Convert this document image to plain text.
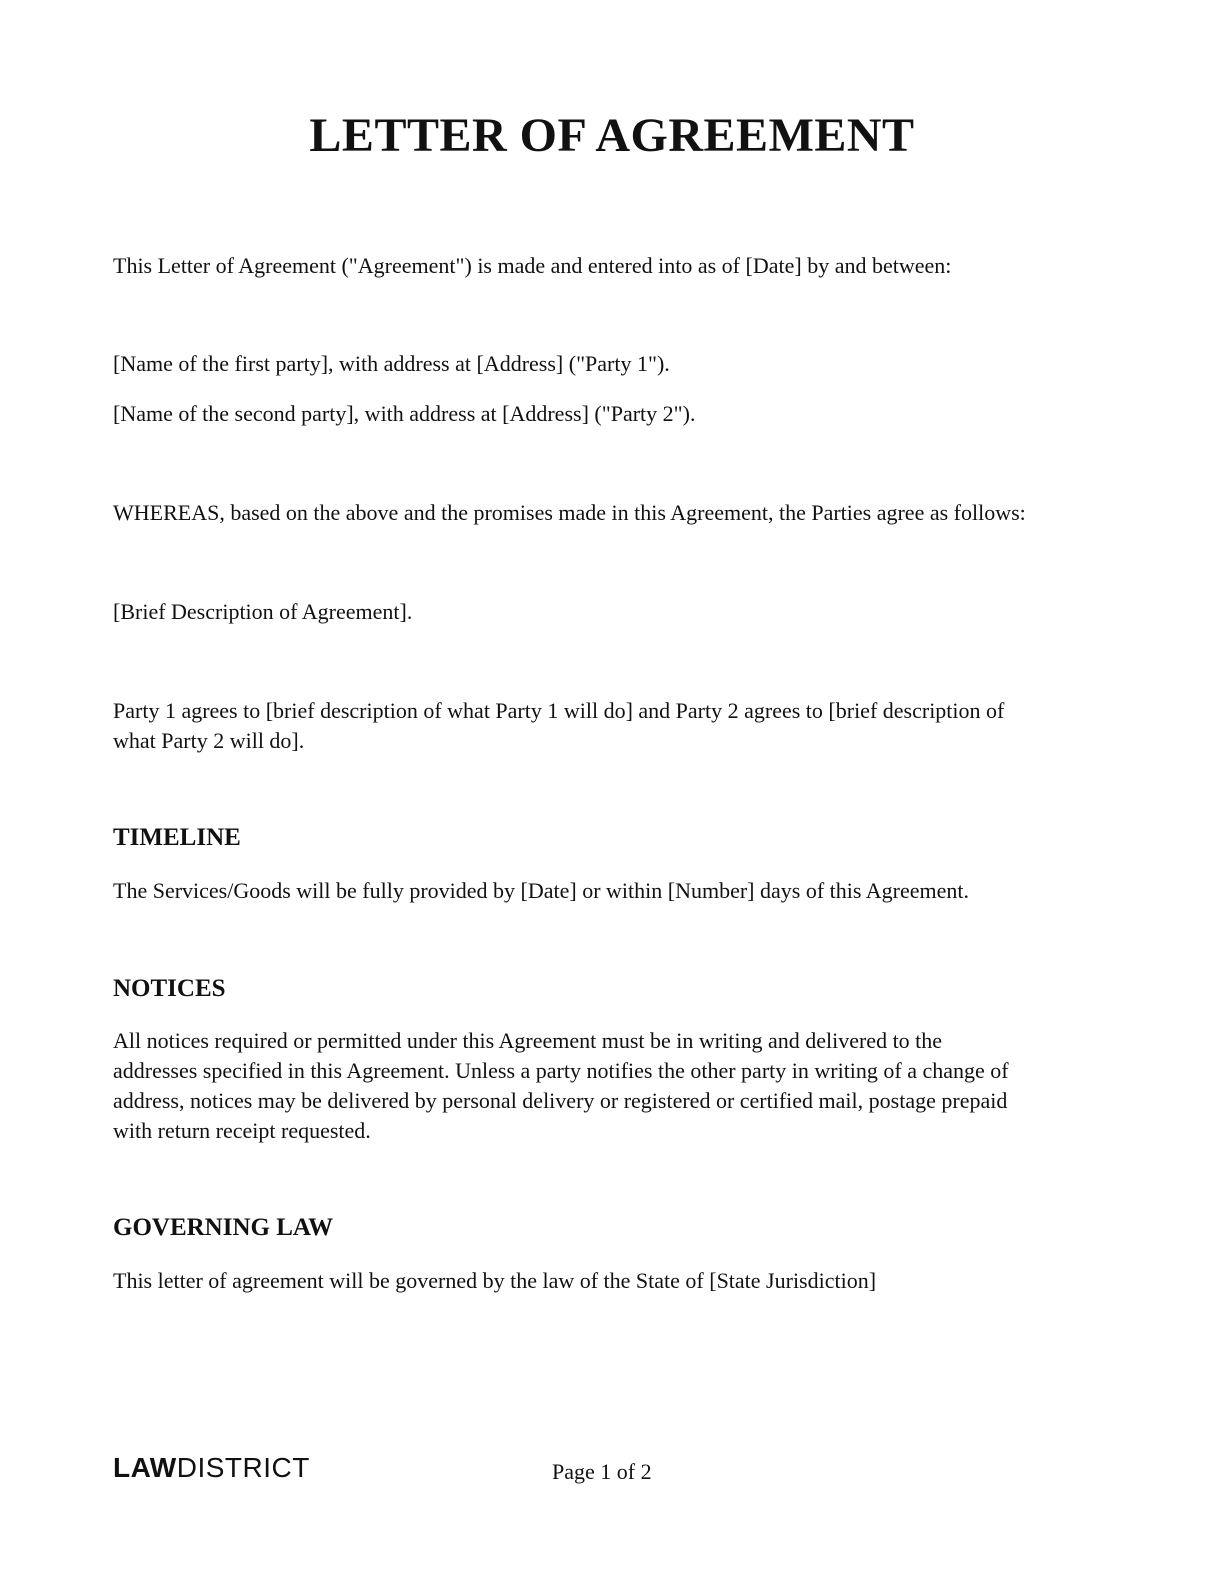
LETTER OF AGREEMENT

This Letter of Agreement ("Agreement") is made and entered into as of [Date] by and between:

[Name of the first party], with address at [Address] ("Party 1").

[Name of the second party], with address at [Address] ("Party 2").

WHEREAS, based on the above and the promises made in this Agreement, the Parties agree as follows:

[Brief Description of Agreement].

Party 1 agrees to [brief description of what Party 1 will do] and Party 2 agrees to [brief description of

what Party 2 will do].

TIMELINE

The Services/Goods will be fully provided by [Date] or within [Number] days of this Agreement.

NOTICES

All notices required or permitted under this Agreement must be in writing and delivered to the

addresses specified in this Agreement. Unless a party notifies the other party in writing of a change of

address, notices may be delivered by personal delivery or registered or certified mail, postage prepaid

with return receipt requested.

GOVERNING LAW

This letter of agreement will be governed by the law of the State of [State Jurisdiction]

LAWDISTRICT	Page 1 of 2
